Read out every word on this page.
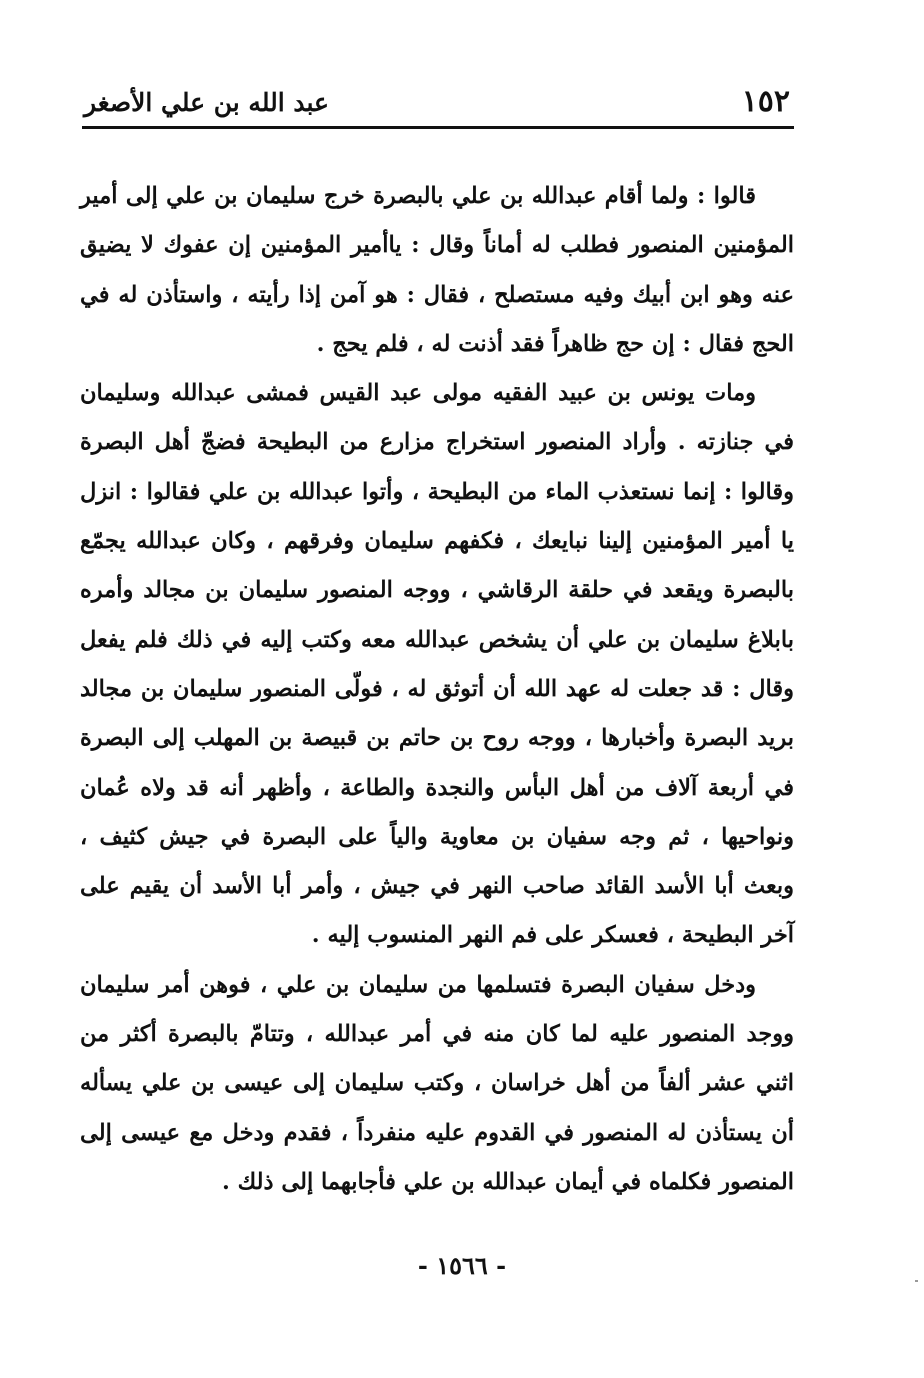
١٥٢
عبد الله بن علي الأصغر

قالوا : ولما أقام عبدالله بن علي بالبصرة خرج سليمان بن علي إلى أمير المؤمنين المنصور فطلب له أماناً وقال : ياأمير المؤمنين إن عفوك لا يضيق عنه وهو ابن أبيك وفيه مستصلح ، فقال : هو آمن إذا رأيته ، واستأذن له في الحج فقال : إن حج ظاهراً فقد أذنت له ، فلم يحج .

ومات يونس بن عبيد الفقيه مولى عبد القيس فمشى عبدالله وسليمان في جنازته . وأراد المنصور استخراج مزارع من البطيحة فضجّ أهل البصرة وقالوا : إنما نستعذب الماء من البطيحة ، وأتوا عبدالله بن علي فقالوا : انزل يا أمير المؤمنين إلينا نبايعك ، فكفهم سليمان وفرقهم ، وكان عبدالله يجمّع بالبصرة ويقعد في حلقة الرقاشي ، ووجه المنصور سليمان بن مجالد وأمره بابلاغ سليمان بن علي أن يشخص عبدالله معه وكتب إليه في ذلك فلم يفعل وقال : قد جعلت له عهد الله أن أتوثق له ، فولّى المنصور سليمان بن مجالد بريد البصرة وأخبارها ، ووجه روح بن حاتم بن قبيصة بن المهلب إلى البصرة في أربعة آلاف من أهل البأس والنجدة والطاعة ، وأظهر أنه قد ولاه عُمان ونواحيها ، ثم وجه سفيان بن معاوية والياً على البصرة في جيش كثيف ، وبعث أبا الأسد القائد صاحب النهر في جيش ، وأمر أبا الأسد أن يقيم على آخر البطيحة ، فعسكر على فم النهر المنسوب إليه .

ودخل سفيان البصرة فتسلمها من سليمان بن علي ، فوهن أمر سليمان ووجد المنصور عليه لما كان منه في أمر عبدالله ، وتتامّ بالبصرة أكثر من اثني عشر ألفاً من أهل خراسان ، وكتب سليمان إلى عيسى بن علي يسأله أن يستأذن له المنصور في القدوم عليه منفرداً ، فقدم ودخل مع عيسى إلى المنصور فكلماه في أيمان عبدالله بن علي فأجابهما إلى ذلك .

- ١٥٦٦ -
